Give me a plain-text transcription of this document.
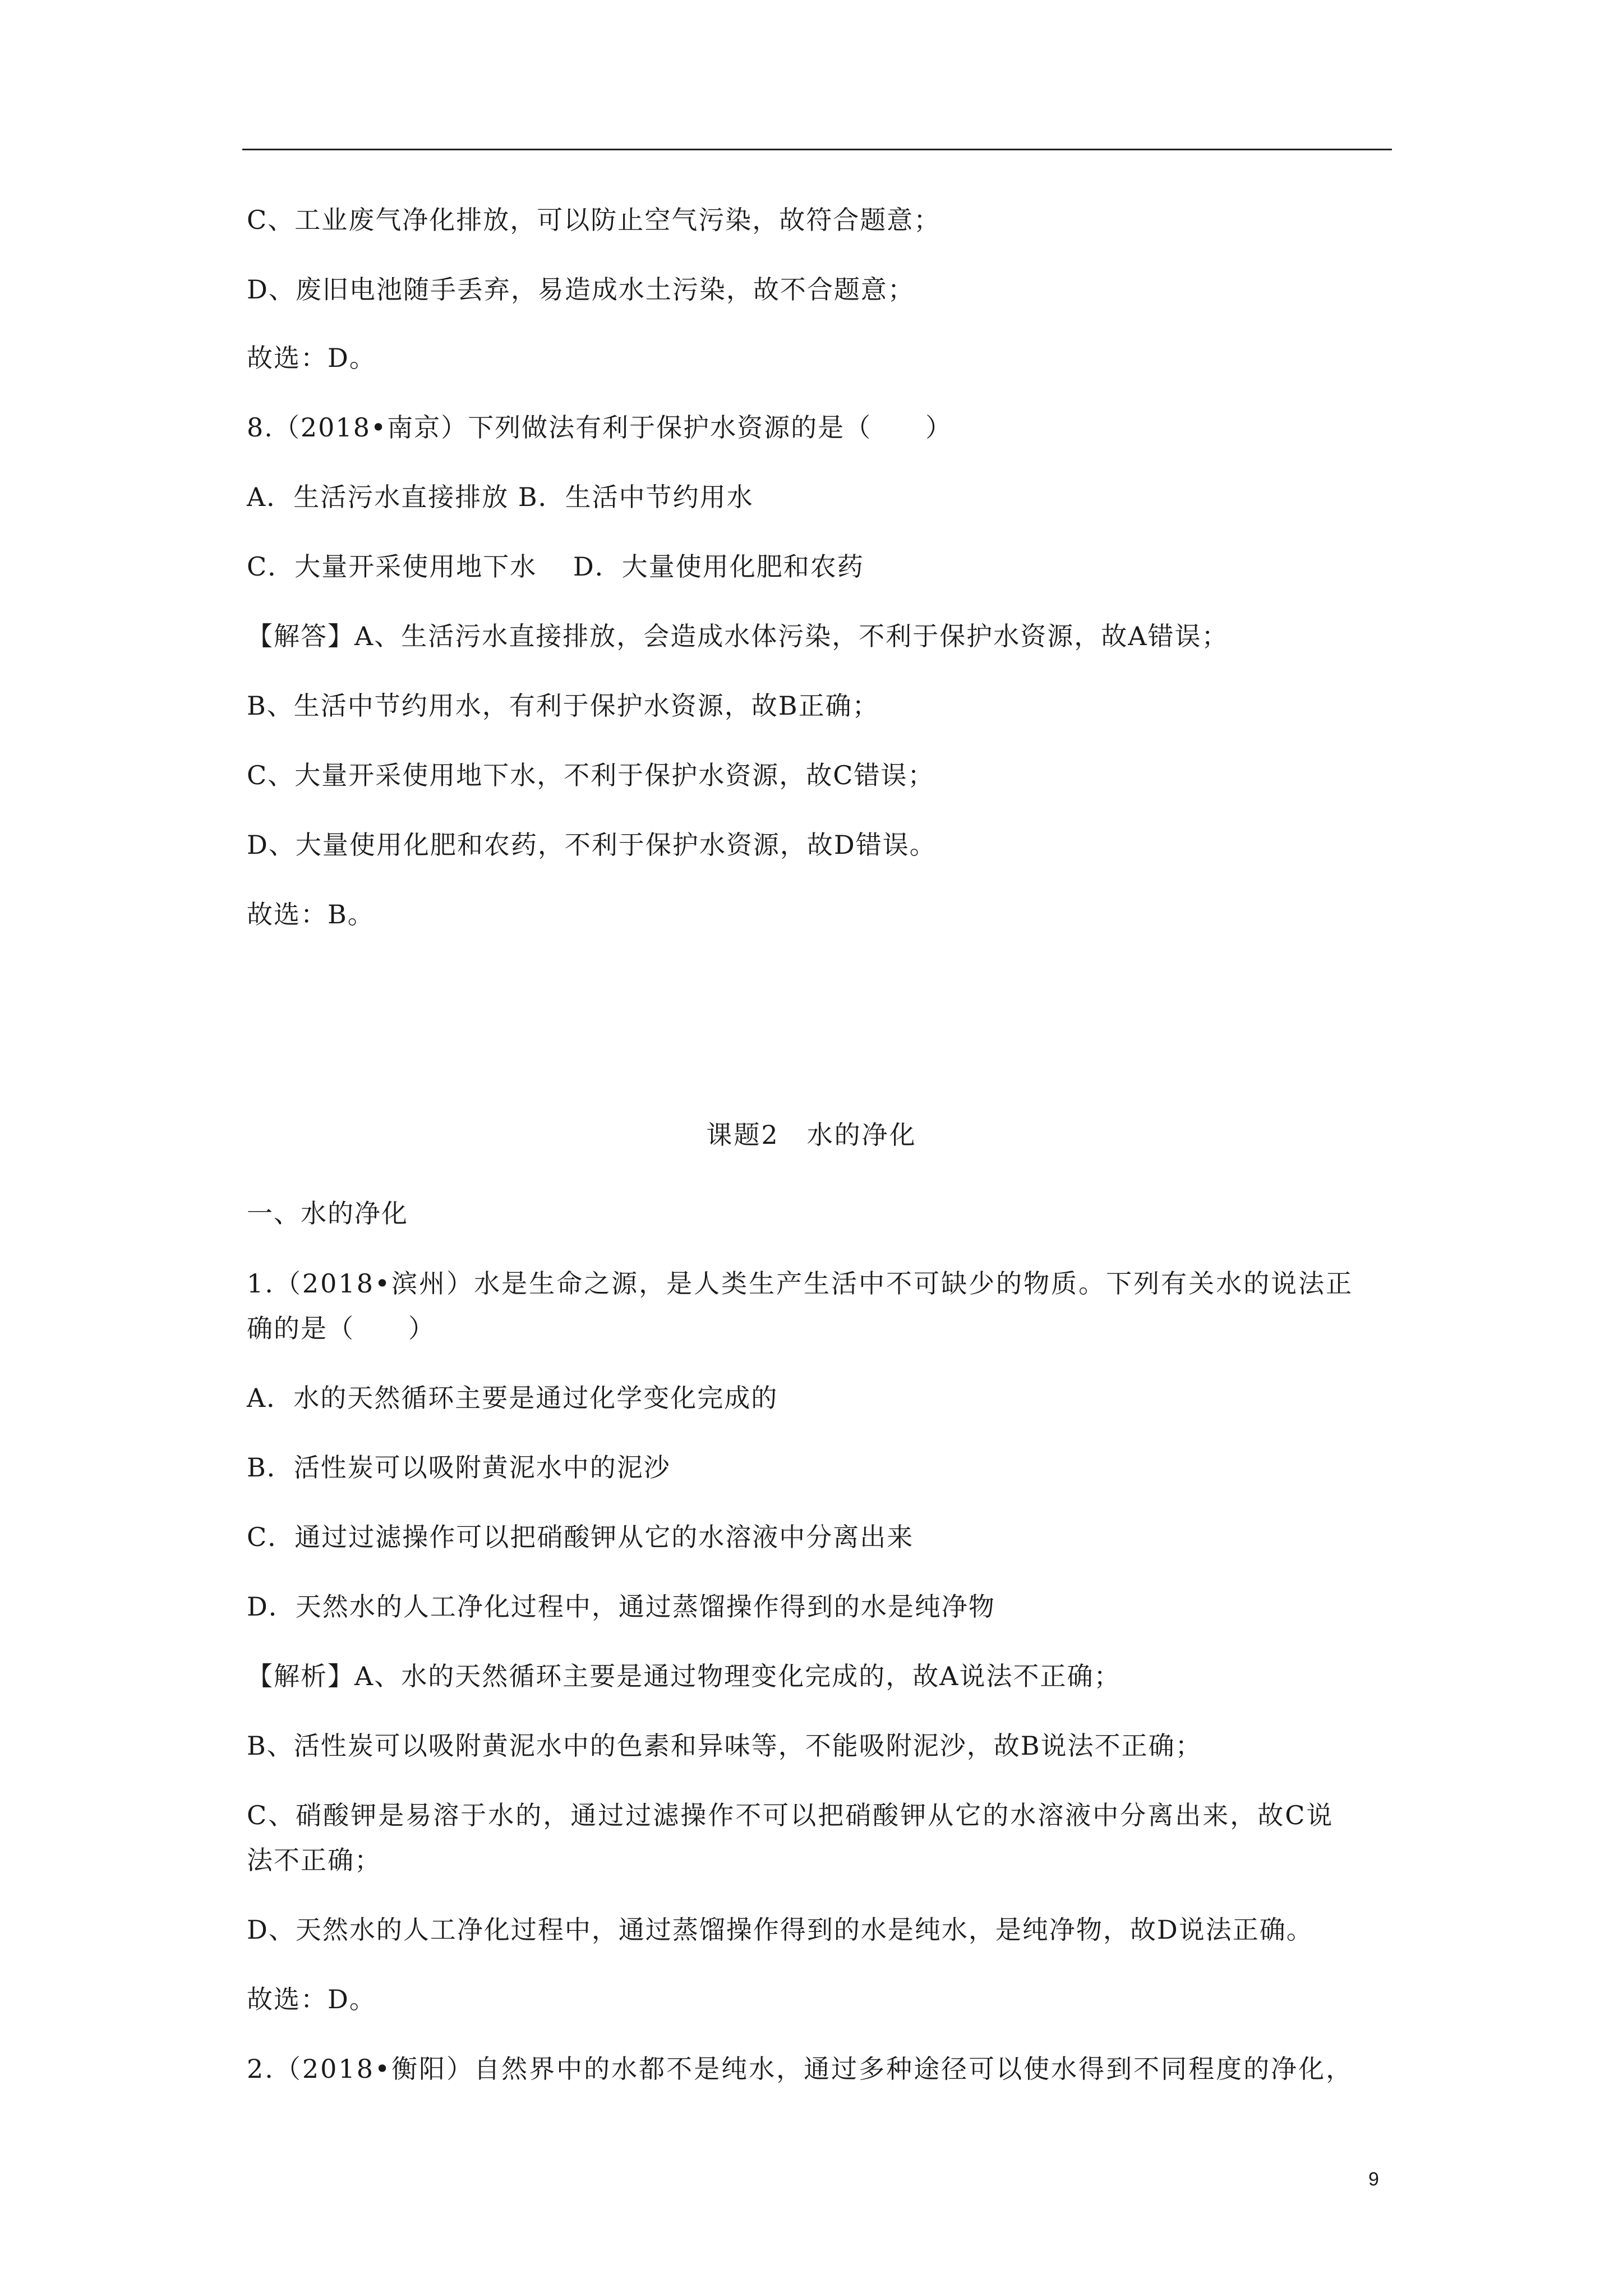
C、工业废气净化排放，可以防止空气污染，故符合题意；
D、废旧电池随手丢弃，易造成水土污染，故不合题意；
故选：D。
8.（2018•南京）下列做法有利于保护水资源的是（　　）
A．生活污水直接排放 B．生活中节约用水
C．大量开采使用地下水　 D．大量使用化肥和农药
【解答】A、生活污水直接排放，会造成水体污染，不利于保护水资源，故A错误；
B、生活中节约用水，有利于保护水资源，故B正确；
C、大量开采使用地下水，不利于保护水资源，故C错误；
D、大量使用化肥和农药，不利于保护水资源，故D错误。
故选：B。
课题2　水的净化
一、水的净化
1.（2018•滨州）水是生命之源，是人类生产生活中不可缺少的物质。下列有关水的说法正
确的是（　　）
A．水的天然循环主要是通过化学变化完成的
B．活性炭可以吸附黄泥水中的泥沙
C．通过过滤操作可以把硝酸钾从它的水溶液中分离出来
D．天然水的人工净化过程中，通过蒸馏操作得到的水是纯净物
【解析】A、水的天然循环主要是通过物理变化完成的，故A说法不正确；
B、活性炭可以吸附黄泥水中的色素和异味等，不能吸附泥沙，故B说法不正确；
C、硝酸钾是易溶于水的，通过过滤操作不可以把硝酸钾从它的水溶液中分离出来，故C说
法不正确；
D、天然水的人工净化过程中，通过蒸馏操作得到的水是纯水，是纯净物，故D说法正确。
故选：D。
2.（2018•衡阳）自然界中的水都不是纯水，通过多种途径可以使水得到不同程度的净化，
9
